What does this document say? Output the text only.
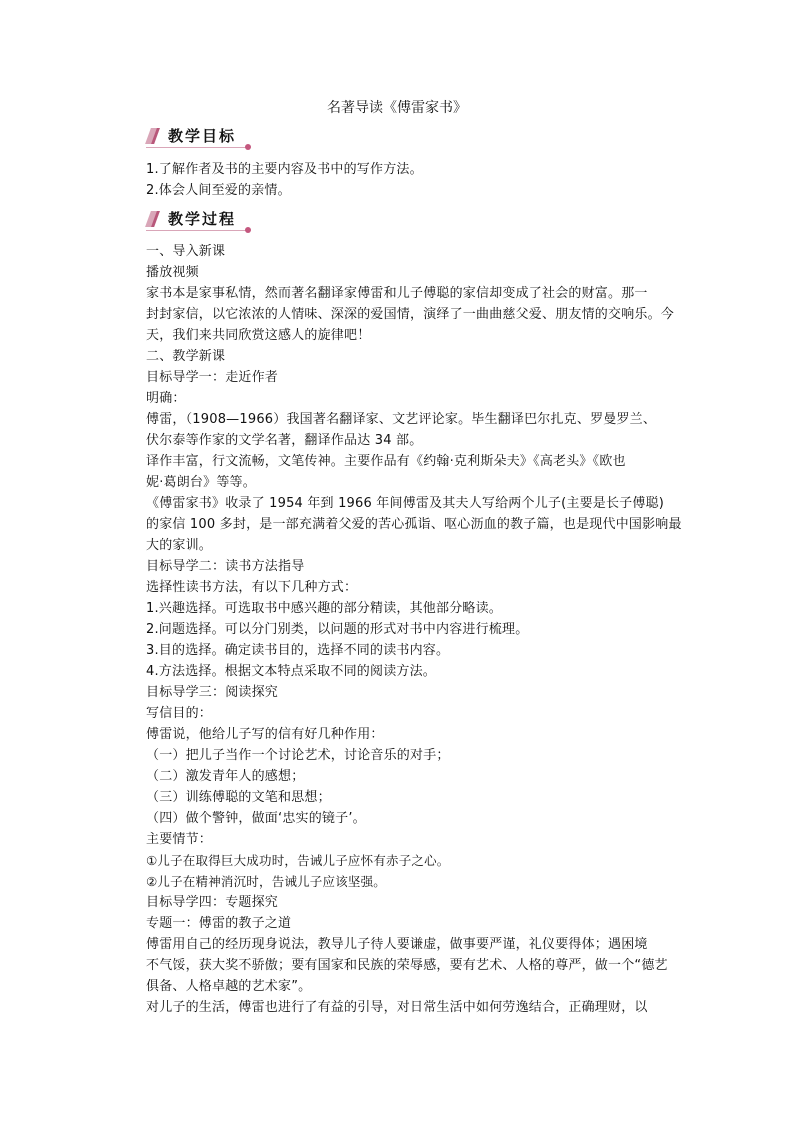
名著导读《傅雷家书》
教学目标
1.了解作者及书的主要内容及书中的写作方法。
2.体会人间至爱的亲情。
教学过程
一、导入新课
播放视频
家书本是家事私情，然而著名翻译家傅雷和儿子傅聪的家信却变成了社会的财富。那一
封封家信，以它浓浓的人情味、深深的爱国情，演绎了一曲曲慈父爱、朋友情的交响乐。今
天，我们来共同欣赏这感人的旋律吧！
二、教学新课
目标导学一：走近作者
明确：
傅雷，（1908—1966）我国著名翻译家、文艺评论家。毕生翻译巴尔扎克、罗曼罗兰、
伏尔泰等作家的文学名著，翻译作品达 34 部。
译作丰富，行文流畅，文笔传神。主要作品有《约翰·克利斯朵夫》《高老头》《欧也
妮·葛朗台》等等。
《傅雷家书》收录了 1954 年到 1966 年间傅雷及其夫人写给两个儿子(主要是长子傅聪)
的家信 100 多封，是一部充满着父爱的苦心孤诣、呕心沥血的教子篇，也是现代中国影响最
大的家训。
目标导学二：读书方法指导
选择性读书方法，有以下几种方式：
1.兴趣选择。可选取书中感兴趣的部分精读，其他部分略读。
2.问题选择。可以分门别类，以问题的形式对书中内容进行梳理。
3.目的选择。确定读书目的，选择不同的读书内容。
4.方法选择。根据文本特点采取不同的阅读方法。
目标导学三：阅读探究
写信目的：
傅雷说，他给儿子写的信有好几种作用：
（一）把儿子当作一个讨论艺术，讨论音乐的对手；
（二）激发青年人的感想；
（三）训练傅聪的文笔和思想；
（四）做个警钟，做面‘忠实的镜子’。
主要情节：
①儿子在取得巨大成功时，告诫儿子应怀有赤子之心。
②儿子在精神消沉时，告诫儿子应该坚强。
目标导学四：专题探究
专题一：傅雷的教子之道
傅雷用自己的经历现身说法，教导儿子待人要谦虚，做事要严谨，礼仪要得体；遇困境
不气馁，获大奖不骄傲；要有国家和民族的荣辱感，要有艺术、人格的尊严，做一个“德艺
俱备、人格卓越的艺术家”。
对儿子的生活，傅雷也进行了有益的引导，对日常生活中如何劳逸结合，正确理财，以
